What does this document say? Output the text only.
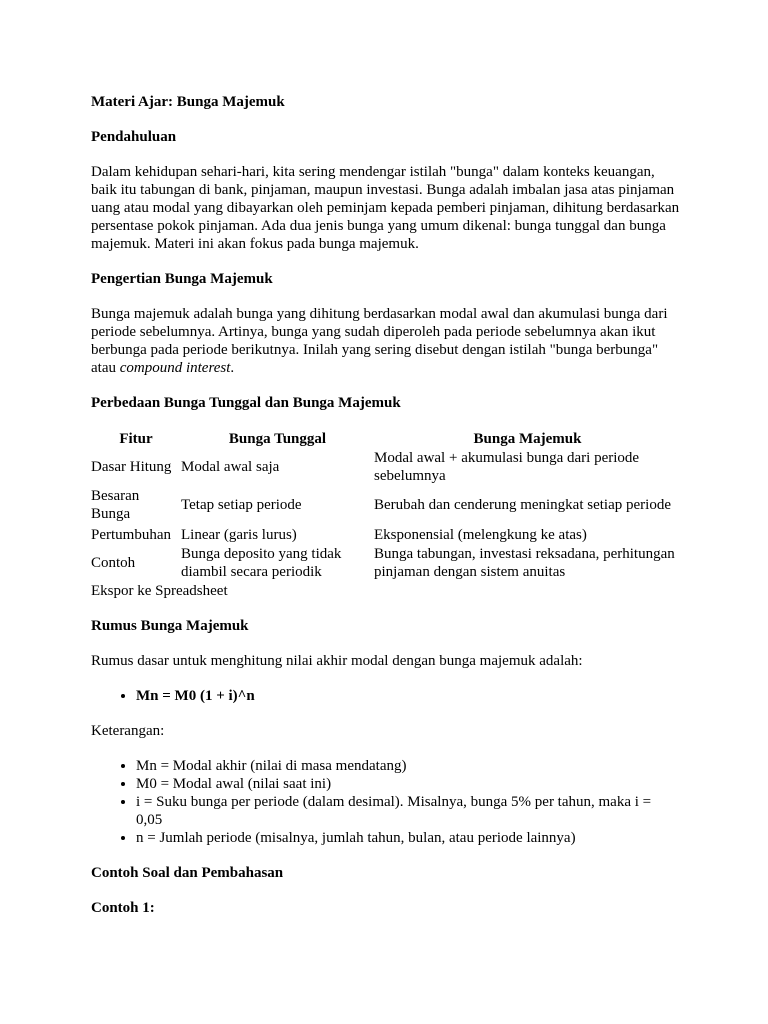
Materi Ajar: Bunga Majemuk
Pendahuluan

Dalam kehidupan sehari-hari, kita sering mendengar istilah "bunga" dalam konteks keuangan, baik itu tabungan di bank, pinjaman, maupun investasi. Bunga adalah imbalan jasa atas pinjaman uang atau modal yang dibayarkan oleh peminjam kepada pemberi pinjaman, dihitung berdasarkan persentase pokok pinjaman. Ada dua jenis bunga yang umum dikenal: bunga tunggal dan bunga majemuk. Materi ini akan fokus pada bunga majemuk.

Pengertian Bunga Majemuk

Bunga majemuk adalah bunga yang dihitung berdasarkan modal awal dan akumulasi bunga dari periode sebelumnya. Artinya, bunga yang sudah diperoleh pada periode sebelumnya akan ikut berbunga pada periode berikutnya. Inilah yang sering disebut dengan istilah "bunga berbunga" atau compound interest.

Perbedaan Bunga Tunggal dan Bunga Majemuk
Fitur	Bunga Tunggal	Bunga Majemuk
Dasar Hitung	Modal awal saja	Modal awal + akumulasi bunga dari periode sebelumnya
Besaran Bunga	Tetap setiap periode	Berubah dan cenderung meningkat setiap periode
Pertumbuhan	Linear (garis lurus)	Eksponensial (melengkung ke atas)
Contoh	Bunga deposito yang tidak diambil secara periodik	Bunga tabungan, investasi reksadana, perhitungan pinjaman dengan sistem anuitas
Ekspor ke Spreadsheet
Rumus Bunga Majemuk

Rumus dasar untuk menghitung nilai akhir modal dengan bunga majemuk adalah:

• Mn = M0 (1 + i)^n

Keterangan:

• Mn = Modal akhir (nilai di masa mendatang)
• M0 = Modal awal (nilai saat ini)
• i = Suku bunga per periode (dalam desimal). Misalnya, bunga 5% per tahun, maka i = 0,05
• n = Jumlah periode (misalnya, jumlah tahun, bulan, atau periode lainnya)
Contoh Soal dan Pembahasan
Contoh 1:
